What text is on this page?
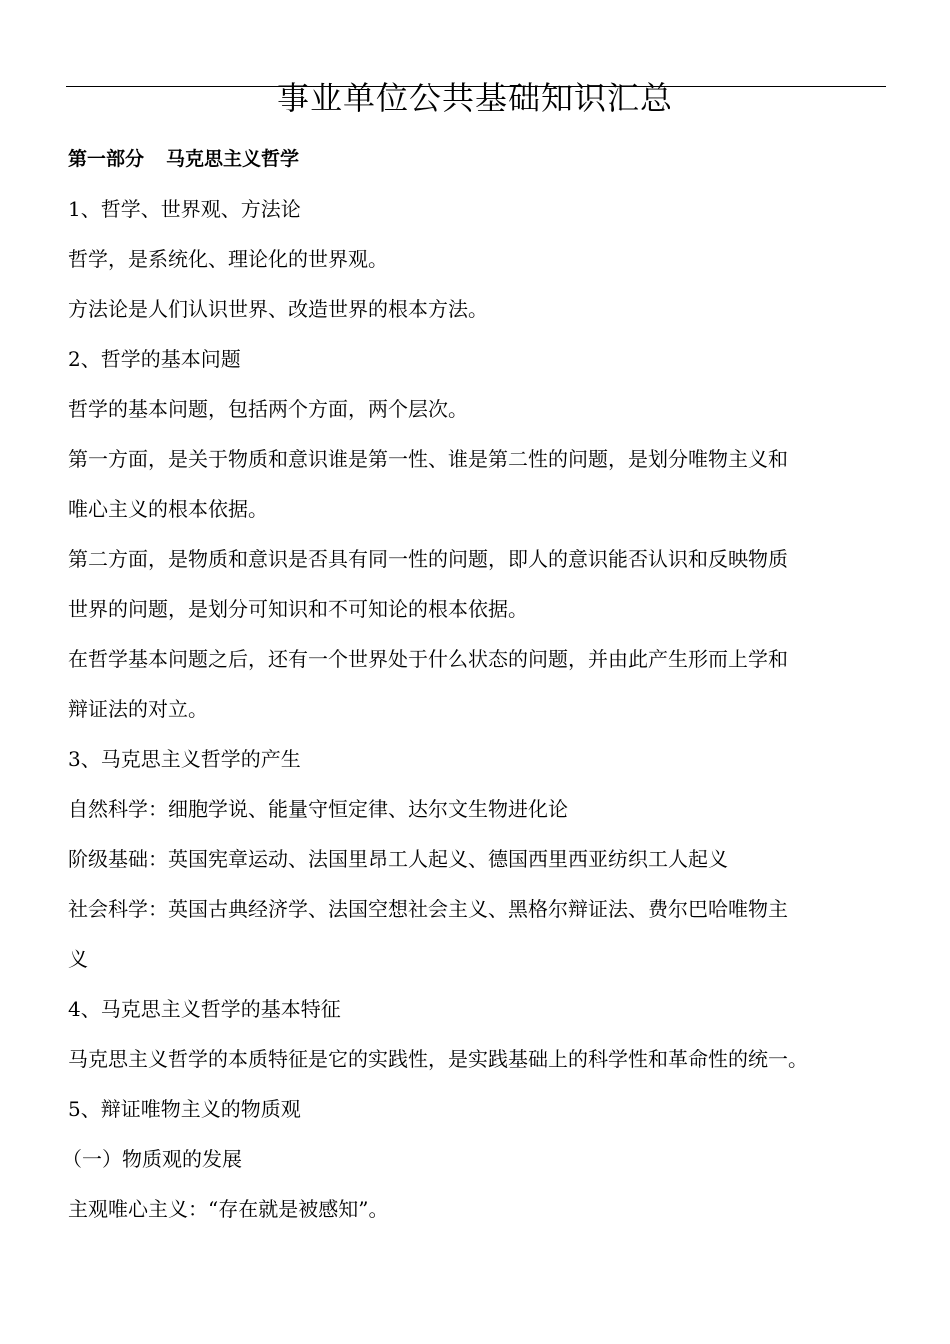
事业单位公共基础知识汇总

第一部分 马克思主义哲学

1、哲学、世界观、方法论

哲学，是系统化、理论化的世界观。

方法论是人们认识世界、改造世界的根本方法。

2、哲学的基本问题

哲学的基本问题，包括两个方面，两个层次。

第一方面，是关于物质和意识谁是第一性、谁是第二性的问题，是划分唯物主义和

唯心主义的根本依据。

第二方面，是物质和意识是否具有同一性的问题，即人的意识能否认识和反映物质

世界的问题，是划分可知识和不可知论的根本依据。

在哲学基本问题之后，还有一个世界处于什么状态的问题，并由此产生形而上学和

辩证法的对立。

3、马克思主义哲学的产生

自然科学：细胞学说、能量守恒定律、达尔文生物进化论

阶级基础：英国宪章运动、法国里昂工人起义、德国西里西亚纺织工人起义

社会科学：英国古典经济学、法国空想社会主义、黑格尔辩证法、费尔巴哈唯物主

义

4、马克思主义哲学的基本特征

马克思主义哲学的本质特征是它的实践性，是实践基础上的科学性和革命性的统一。

5、辩证唯物主义的物质观

（一）物质观的发展

主观唯心主义：“存在就是被感知”。
